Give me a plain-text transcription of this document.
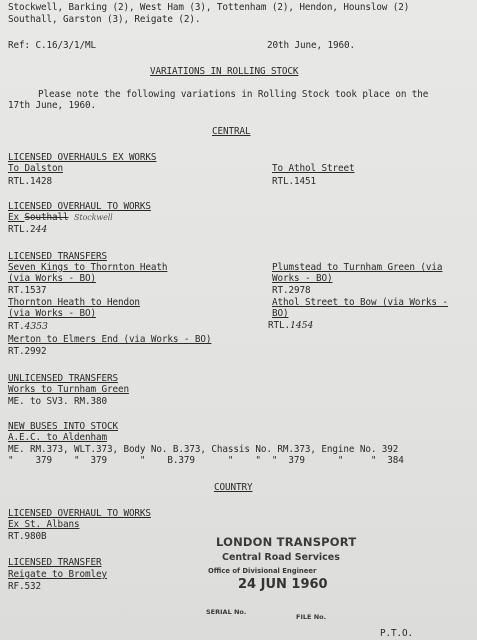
Stockwell, Barking (2), West Ham (3), Tottenham (2), Hendon, Hounslow (2)
Southall, Garston (3), Reigate (2).
Ref: C.16/3/1/ML	20th June, 1960.
VARIATIONS IN ROLLING STOCK
Please note the following variations in Rolling Stock took place on the
17th June, 1960.
CENTRAL
LICENSED OVERHAULS EX WORKS
To Dalston
RTL.1428
To Athol Street
RTL.1451
LICENSED OVERHAUL TO WORKS
Ex Southall Stockwell
RTL.244
LICENSED TRANSFERS
Seven Kings to Thornton Heath
(via Works - BO)
RT.1537
Thornton Heath to Hendon
(via Works - BO)
RT.4353
Merton to Elmers End (via Works - BO)
RT.2992
Plumstead to Turnham Green (via
Works - BO)
RT.2978
Athol Street to Bow (via Works -
BO)
RTL.1454
UNLICENSED TRANSFERS
Works to Turnham Green
ME. to SV3. RM.380
NEW BUSES INTO STOCK
A.E.C. to Aldenham
ME. RM.373, WLT.373, Body No. B.373, Chassis No. RM.373, Engine No. 392
"    379    "  379      "    B.379      "    "  "  379      "     "  384
COUNTRY
LICENSED OVERHAUL TO WORKS
Ex St. Albans
RT.980B
LICENSED TRANSFER
Reigate to Bromley
RF.532
LONDON TRANSPORT
Central Road Services
Office of Divisional Engineer
24 JUN 1960
SERIAL No.
FILE No.
P.T.O.
